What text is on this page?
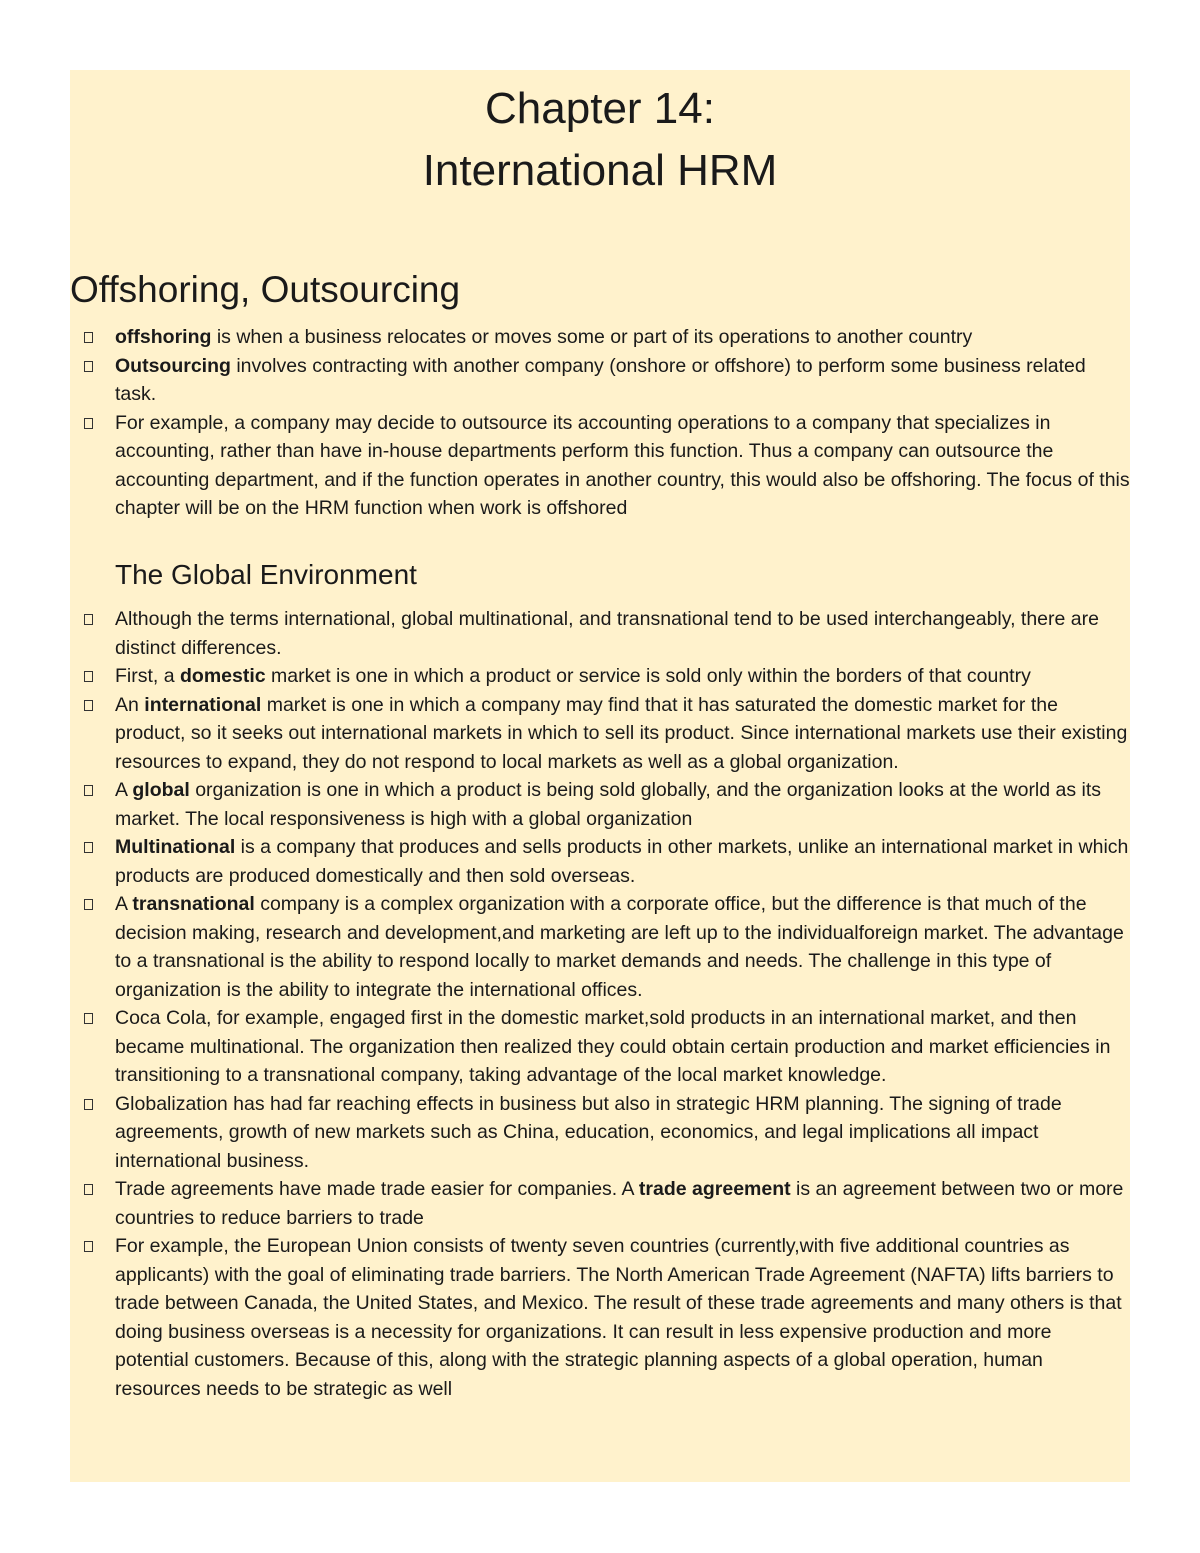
Chapter 14:
International HRM
Offshoring, Outsourcing
offshoring is when a business relocates or moves some or part of its operations to another country
Outsourcing involves contracting with another company (onshore or offshore) to perform some business related task.
For example, a company may decide to outsource its accounting operations to a company that specializes in accounting, rather than have in-house departments perform this function. Thus a company can outsource the accounting department, and if the function operates in another country, this would also be offshoring. The focus of this chapter will be on the HRM function when work is offshored
The Global Environment
Although the terms international, global multinational, and transnational tend to be used interchangeably, there are distinct differences.
First, a domestic market is one in which a product or service is sold only within the borders of that country
An international market is one in which a company may find that it has saturated the domestic market for the product, so it seeks out international markets in which to sell its product. Since international markets use their existing resources to expand, they do not respond to local markets as well as a global organization.
A global organization is one in which a product is being sold globally, and the organization looks at the world as its market. The local responsiveness is high with a global organization
Multinational is a company that produces and sells products in other markets, unlike an international market in which products are produced domestically and then sold overseas.
A transnational company is a complex organization with a corporate office, but the difference is that much of the decision making, research and development,and marketing are left up to the individualforeign market. The advantage to a transnational is the ability to respond locally to market demands and needs. The challenge in this type of organization is the ability to integrate the international offices.
Coca Cola, for example, engaged first in the domestic market,sold products in an international market, and then became multinational. The organization then realized they could obtain certain production and market efficiencies in transitioning to a transnational company, taking advantage of the local market knowledge.
Globalization has had far reaching effects in business but also in strategic HRM planning. The signing of trade agreements, growth of new markets such as China, education, economics, and legal implications all impact international business.
Trade agreements have made trade easier for companies. A trade agreement is an agreement between two or more countries to reduce barriers to trade
For example, the European Union consists of twenty seven countries (currently,with five additional countries as applicants) with the goal of eliminating trade barriers. The North American Trade Agreement (NAFTA) lifts barriers to trade between Canada, the United States, and Mexico. The result of these trade agreements and many others is that doing business overseas is a necessity for organizations. It can result in less expensive production and more potential customers. Because of this, along with the strategic planning aspects of a global operation, human resources needs to be strategic as well
